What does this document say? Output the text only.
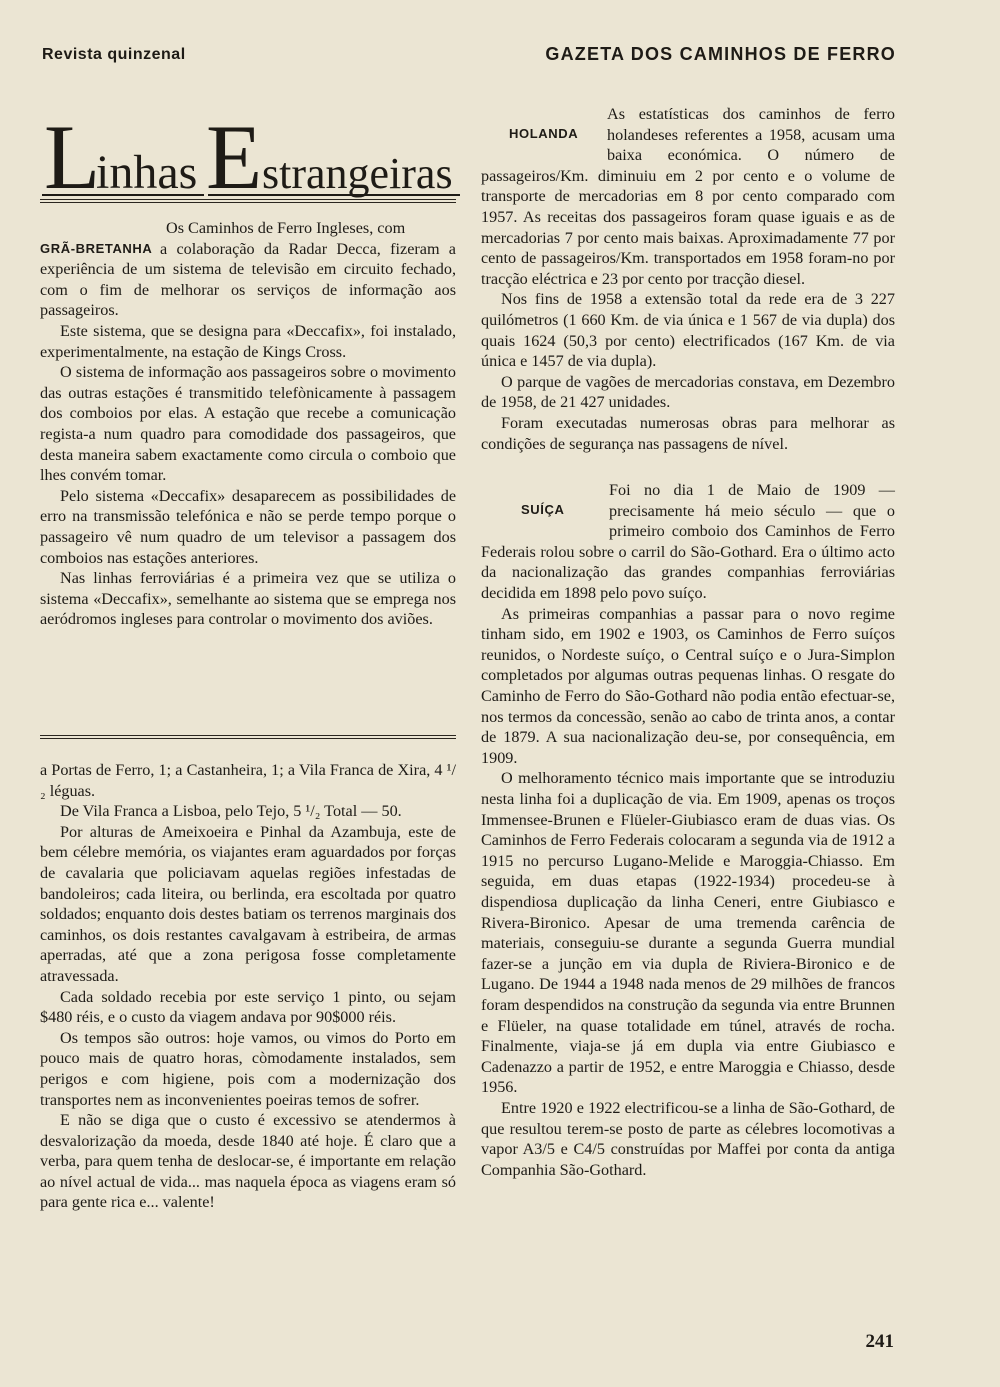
Revista quinzenal	GAZETA DOS CAMINHOS DE FERRO
L
inhas E strangeiras

Os Caminhos de Ferro Ingleses, com
GRÃ-BRETANHA a colaboração da Radar Decca, fizeram a experiência de um sistema de televisão em circuito fechado, com o fim de melhorar os serviços de informação aos passageiros.

Este sistema, que se designa para «Deccafix», foi instalado, experimentalmente, na estação de Kings Cross.

O sistema de informação aos passageiros sobre o movimento das outras estações é transmitido telefònicamente à passagem dos comboios por elas. A estação que recebe a comunicação regista-a num quadro para comodidade dos passageiros, que desta maneira sabem exactamente como circula o comboio que lhes convém tomar.

Pelo sistema «Deccafix» desaparecem as possibilidades de erro na transmissão telefónica e não se perde tempo porque o passageiro vê num quadro de um televisor a passagem dos comboios nas estações anteriores.

Nas linhas ferroviárias é a primeira vez que se utiliza o sistema «Deccafix», semelhante ao sistema que se emprega nos aeródromos ingleses para controlar o movimento dos aviões.

a Portas de Ferro, 1; a Castanheira, 1; a Vila Franca de Xira, 4 ¹/₂ léguas.

De Vila Franca a Lisboa, pelo Tejo, 5 ¹/₂ Total — 50.

Por alturas de Ameixoeira e Pinhal da Azambuja, este de bem célebre memória, os viajantes eram aguardados por forças de cavalaria que policiavam aquelas regiões infestadas de bandoleiros; cada liteira, ou berlinda, era escoltada por quatro soldados; enquanto dois destes batiam os terrenos marginais dos caminhos, os dois restantes cavalgavam à estribeira, de armas aperradas, até que a zona perigosa fosse completamente atravessada.

Cada soldado recebia por este serviço 1 pinto, ou sejam $480 réis, e o custo da viagem andava por 90$000 réis.

Os tempos são outros: hoje vamos, ou vimos do Porto em pouco mais de quatro horas, còmodamente instalados, sem perigos e com higiene, pois com a modernização dos transportes nem as inconvenientes poeiras temos de sofrer.

E não se diga que o custo é excessivo se atendermos à desvalorização da moeda, desde 1840 até hoje. É claro que a verba, para quem tenha de deslocar-se, é importante em relação ao nível actual de vida... mas naquela época as viagens eram só para gente rica e... valente!

HOLANDA

As estatísticas dos caminhos de ferro holandeses referentes a 1958, acusam uma baixa económica. O número de passageiros/Km. diminuiu em 2 por cento e o volume de transporte de mercadorias em 8 por cento comparado com 1957. As receitas dos passageiros foram quase iguais e as de mercadorias 7 por cento mais baixas. Aproximadamente 77 por cento de passageiros/Km. transportados em 1958 foram-no por tracção eléctrica e 23 por cento por tracção diesel.

Nos fins de 1958 a extensão total da rede era de 3 227 quilómetros (1 660 Km. de via única e 1 567 de via dupla) dos quais 1624 (50,3 por cento) electrificados (167 Km. de via única e 1457 de via dupla).

O parque de vagões de mercadorias constava, em Dezembro de 1958, de 21 427 unidades.

Foram executadas numerosas obras para melhorar as condições de segurança nas passagens de nível.

SUÍÇA

Foi no dia 1 de Maio de 1909 — precisamente há meio século — que o primeiro comboio dos Caminhos de Ferro Federais rolou sobre o carril do São-Gothard. Era o último acto da nacionalização das grandes companhias ferroviárias decidida em 1898 pelo povo suíço.

As primeiras companhias a passar para o novo regime tinham sido, em 1902 e 1903, os Caminhos de Ferro suíços reunidos, o Nordeste suíço, o Central suíço e o Jura-Simplon completados por algumas outras pequenas linhas. O resgate do Caminho de Ferro do São-Gothard não podia então efectuar-se, nos termos da concessão, senão ao cabo de trinta anos, a contar de 1879. A sua nacionalização deu-se, por consequência, em 1909.

O melhoramento técnico mais importante que se introduziu nesta linha foi a duplicação de via. Em 1909, apenas os troços Immensee-Brunen e Flüeler-Giubiasco eram de duas vias. Os Caminhos de Ferro Federais colocaram a segunda via de 1912 a 1915 no percurso Lugano-Melide e Maroggia-Chiasso. Em seguida, em duas etapas (1922-1934) procedeu-se à dispendiosa duplicação da linha Ceneri, entre Giubiasco e Rivera-Bironico. Apesar de uma tremenda carência de materiais, conseguiu-se durante a segunda Guerra mundial fazer-se a junção em via dupla de Riviera-Bironico e de Lugano. De 1944 a 1948 nada menos de 29 milhões de francos foram despendidos na construção da segunda via entre Brunnen e Flüeler, na quase totalidade em túnel, através de rocha. Finalmente, viaja-se já em dupla via entre Giubiasco e Cadenazzo a partir de 1952, e entre Maroggia e Chiasso, desde 1956.

Entre 1920 e 1922 electrificou-se a linha de São-Gothard, de que resultou terem-se posto de parte as célebres locomotivas a vapor A3/5 e C4/5 construídas por Maffei por conta da antiga Companhia São-Gothard.

241
